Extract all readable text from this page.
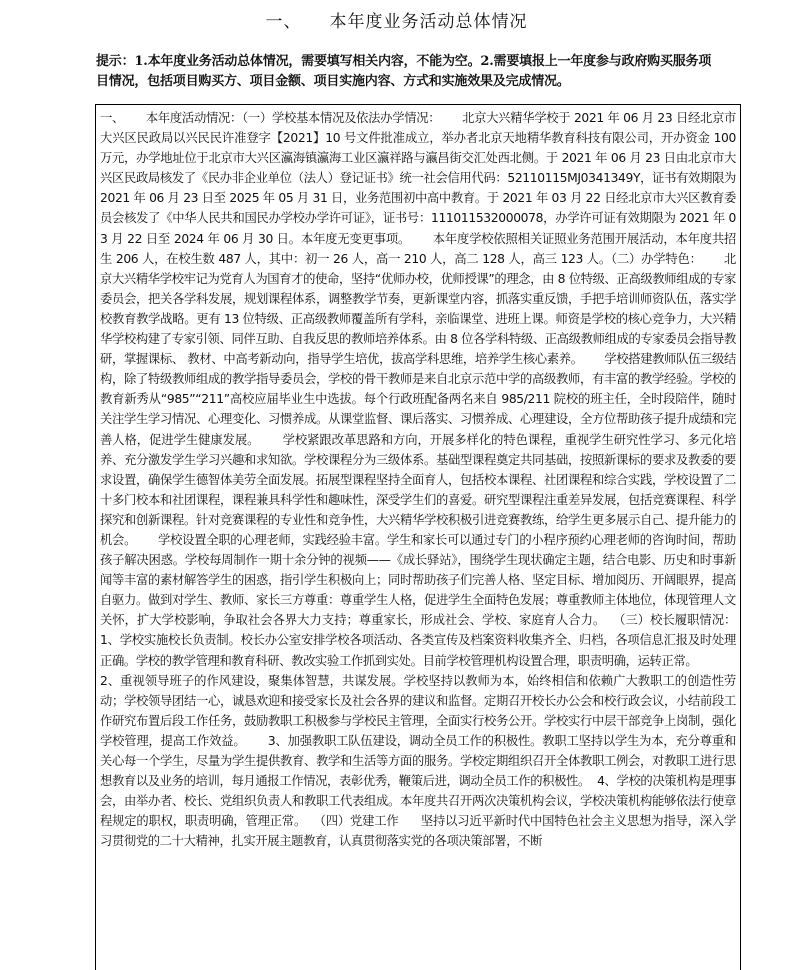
一、 本年度业务活动总体情况
提示：1.本年度业务活动总体情况，需要填写相关内容，不能为空。2.需要填报上一年度参与政府购买服务项目情况，包括项目购买方、项目金额、项目实施内容、方式和实施效果及完成情况。
一、      本年度活动情况：（一）学校基本情况及依法办学情况：      北京大兴精华学校于 2021 年 06 月 23 日经北京市大兴区民政局以兴民民许准登字【2021】10 号文件批准成立，举办者北京天地精华教育科技有限公司，开办资金 100 万元，办学地址位于北京市大兴区瀛海镇瀛海工业区瀛祥路与瀛昌街交汇处西北侧。于 2021 年 06 月 23 日由北京市大兴区民政局核发了《民办非企业单位（法人）登记证书》统一社会信用代码：52110115MJ0341349Y，证书有效期限为 2021 年 06 月 23 日至 2025 年 05 月 31 日，业务范围初中高中教育。于 2021 年 03 月 22 日经北京市大兴区教育委员会核发了《中华人民共和国民办学校办学许可证》，证书号：111011532000078，办学许可证有效期限为 2021 年 03 月 22 日至 2024 年 06 月 30 日。本年度无变更事项。      本年度学校依照相关证照业务范围开展活动，本年度共招生 206 人，在校生数 487 人，其中：初一 26 人，高一 210 人，高二 128 人，高三 123 人。（二）办学特色：      北京大兴精华学校牢记为党育人为国育才的使命，坚持“优师办校，优师授课”的理念，由 8 位特级、正高级教师组成的专家委员会，把关各学科发展，规划课程体系，调整教学节奏，更新课堂内容，抓落实重反馈，手把手培训师资队伍，落实学校教育教学战略。更有 13 位特级、正高级教师覆盖所有学科，亲临课堂、进班上课。师资是学校的核心竞争力，大兴精华学校构建了专家引领、同伴互助、自我反思的教师培养体系。由 8 位各学科特级、正高级教师组成的专家委员会指导教研，掌握课标、 教材、中高考新动向，指导学生培优，拔高学科思维，培养学生核心素养。      学校搭建教师队伍三级结构，除了特级教师组成的教学指导委员会，学校的骨干教师是来自北京示范中学的高级教师，有丰富的教学经验。学校的教育新秀从“985”“211”高校应届毕业生中选拔。每个行政班配备两名来自 985/211 院校的班主任，全时段陪伴，随时关注学生学习情况、心理变化、习惯养成。从课堂监督、课后落实、习惯养成、心理建设，全方位帮助孩子提升成绩和完善人格，促进学生健康发展。      学校紧跟改革思路和方向，开展多样化的特色课程，重视学生研究性学习、多元化培养、充分激发学生学习兴趣和求知欲。学校课程分为三级体系。基础型课程奠定共同基础，按照新课标的要求及教委的要求设置，确保学生德智体美劳全面发展。拓展型课程坚持全面育人，包括校本课程、社团课程和综合实践，学校设置了二十多门校本和社团课程，课程兼具科学性和趣味性，深受学生们的喜爱。研究型课程注重差异发展，包括竞赛课程、科学探究和创新课程。针对竞赛课程的专业性和竞争性，大兴精华学校积极引进竞赛教练，给学生更多展示自己、提升能力的机会。      学校设置全职的心理老师，实践经验丰富。学生和家长可以通过专门的小程序预约心理老师的咨询时间，帮助孩子解决困惑。学校每周制作一期十余分钟的视频——《成长驿站》，围绕学生现状确定主题，结合电影、历史和时事新闻等丰富的素材解答学生的困惑，指引学生积极向上；同时帮助孩子们完善人格、坚定目标、增加阅历、开阔眼界，提高自驱力。做到对学生、教师、家长三方尊重：尊重学生人格，促进学生全面特色发展；尊重教师主体地位，体现管理人文关怀，扩大学校影响，争取社会各界大力支持；尊重家长，形成社会、学校、家庭育人合力。  （三）校长履职情况：  1、学校实施校长负责制。校长办公室安排学校各项活动、各类宣传及档案资料收集齐全、归档，各项信息汇报及时处理正确。学校的教学管理和教育科研、教改实验工作抓到实处。目前学校管理机构设置合理，职责明确，运转正常。
2、重视领导班子的作风建设，聚集体智慧，共谋发展。学校坚持以教师为本，始终相信和依赖广大教职工的创造性劳动；学校领导团结一心，诚恳欢迎和接受家长及社会各界的建议和监督。定期召开校长办公会和校行政会议，小结前段工作研究布置后段工作任务，鼓励教职工积极参与学校民主管理，全面实行校务公开。学校实行中层干部竞争上岗制，强化学校管理，提高工作效益。      3、加强教职工队伍建设，调动全员工作的积极性。教职工坚持以学生为本，充分尊重和关心每一个学生，尽量为学生提供教育、教学和生活等方面的服务。学校定期组织召开全体教职工例会，对教职工进行思想教育以及业务的培训，每月通报工作情况，表彰优秀，鞭策后进，调动全员工作的积极性。  4、学校的决策机构是理事会，由举办者、校长、党组织负责人和教职工代表组成。本年度共召开两次决策机构会议，学校决策机构能够依法行使章程规定的职权，职责明确，管理正常。  （四）党建工作      坚持以习近平新时代中国特色社会主义思想为指导，深入学习贯彻党的二十大精神，扎实开展主题教育，认真贯彻落实党的各项决策部署，不断
